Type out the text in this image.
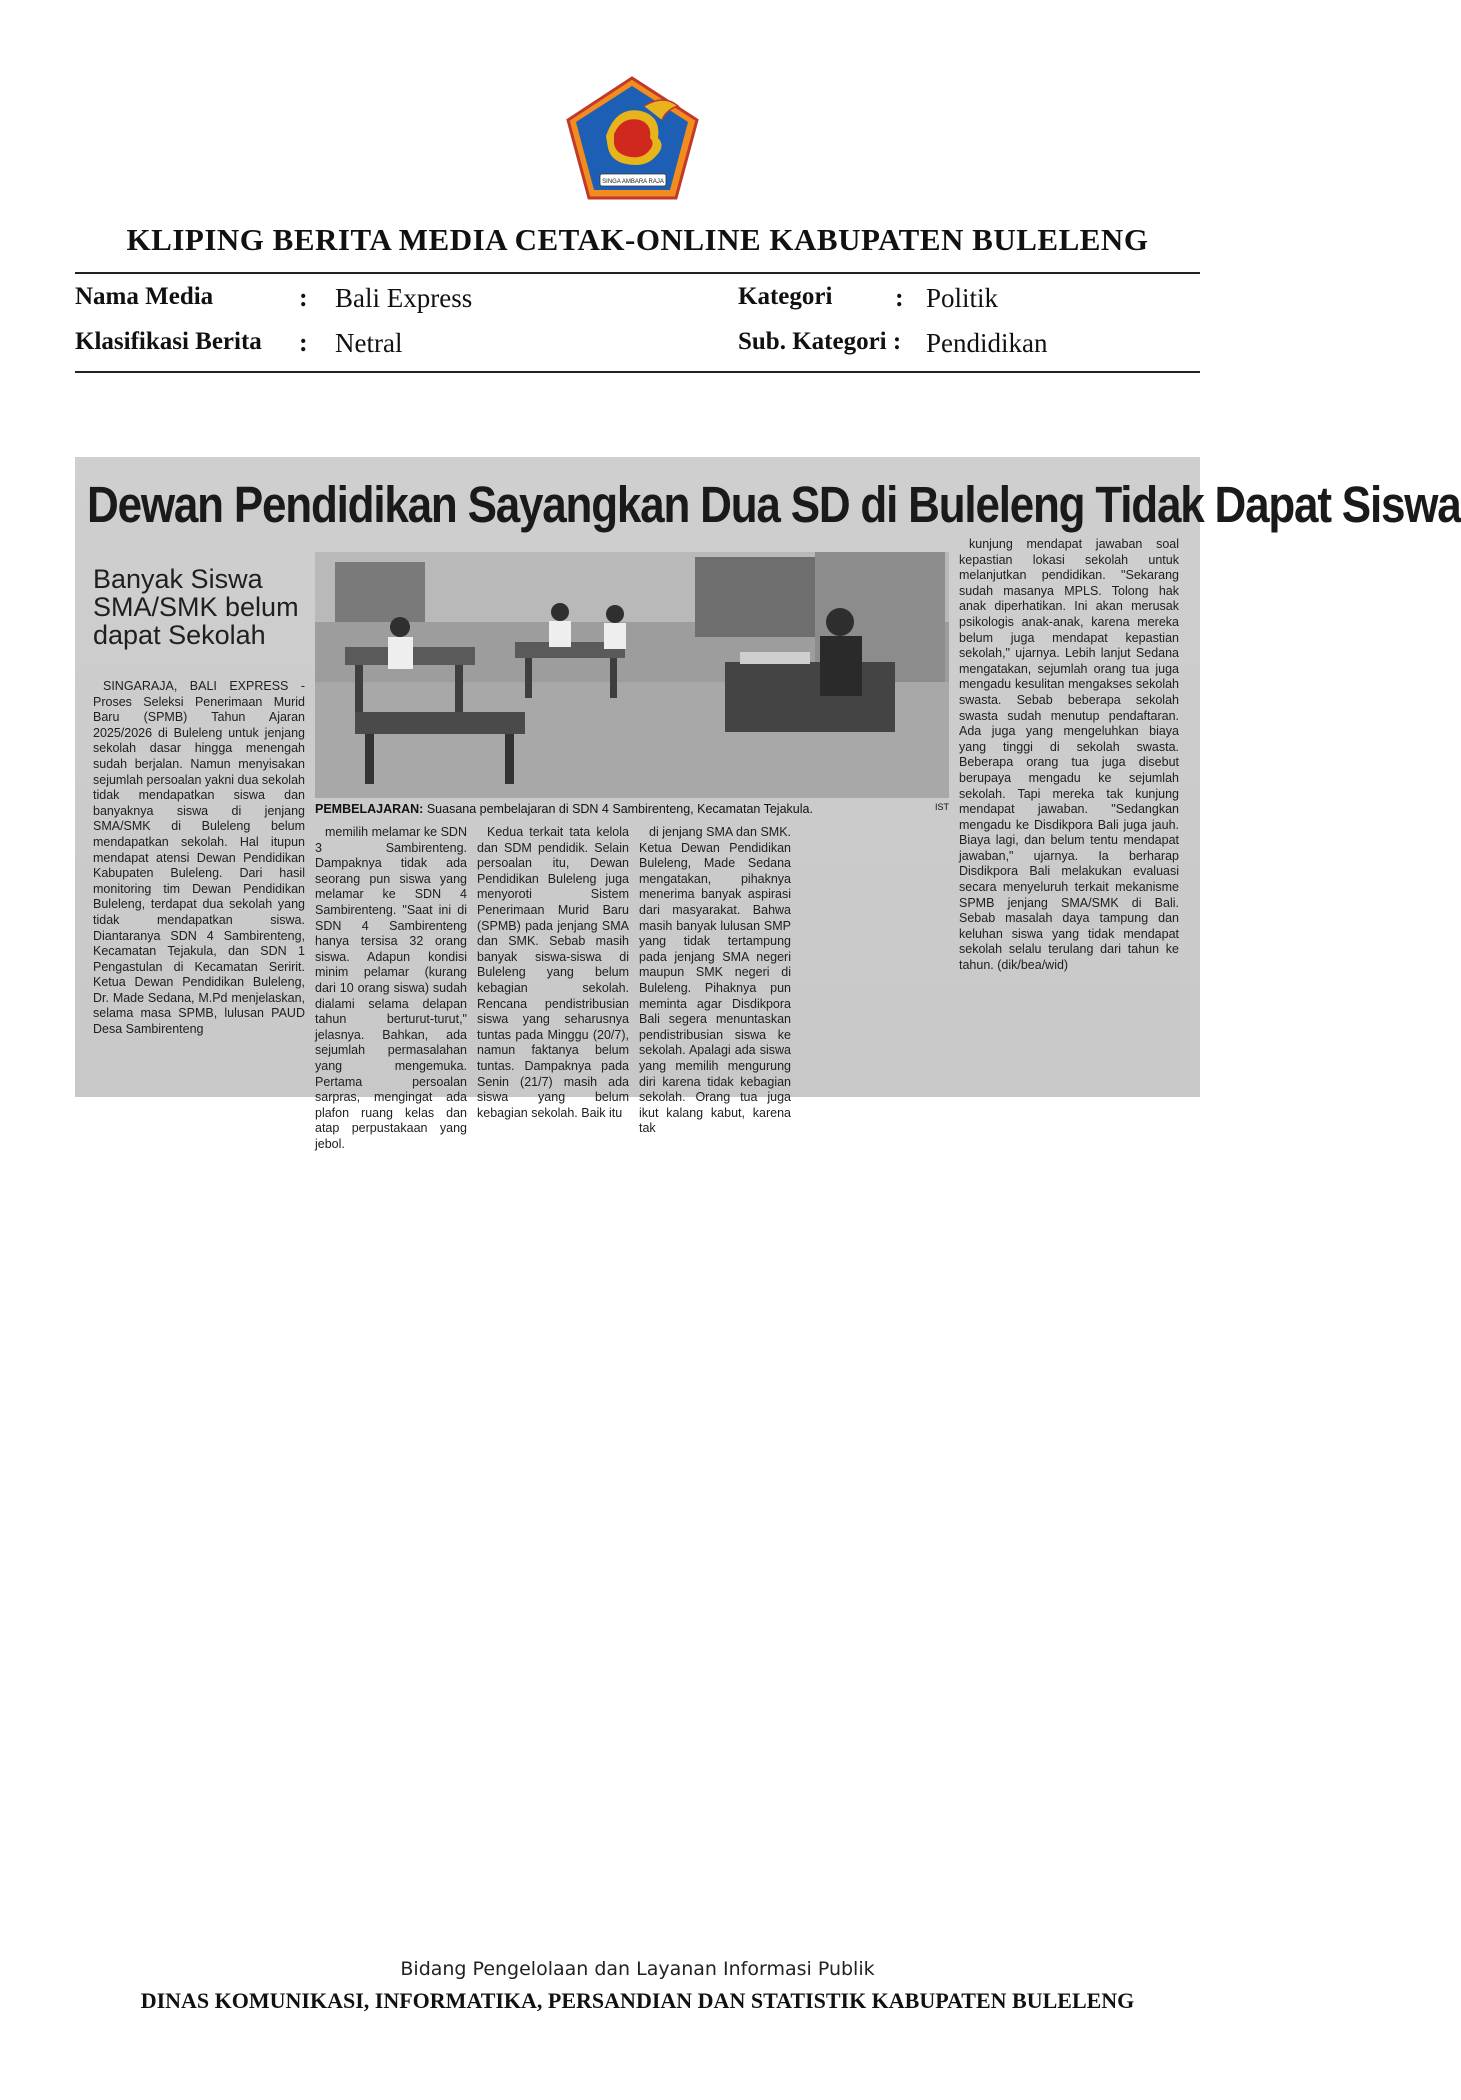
SINGA AMBARA RAJA
KLIPING BERITA MEDIA CETAK-ONLINE KABUPATEN BULELENG
Nama Media	: Bali Express	Kategori : Politik
Klasifikasi Berita : Netral	Sub. Kategori : Pendidikan
Dewan Pendidikan Sayangkan Dua SD di Buleleng Tidak Dapat Siswa
Banyak Siswa SMA/SMK belum dapat Sekolah
PEMBELAJARAN: Suasana pembelajaran di SDN 4 Sambirenteng, Kecamatan Tejakula.	IST

SINGARAJA, BALI EXPRESS - Proses Seleksi Penerimaan Murid Baru (SPMB) Tahun Ajaran 2025/2026 di Buleleng untuk jenjang sekolah dasar hingga menengah sudah berjalan. Namun menyisakan sejumlah persoalan yakni dua sekolah tidak mendapatkan siswa dan banyaknya siswa di jenjang SMA/SMK di Buleleng belum mendapatkan sekolah. Hal itupun mendapat atensi Dewan Pendidikan Kabupaten Buleleng. Dari hasil monitoring tim Dewan Pendidikan Buleleng, terdapat dua sekolah yang tidak mendapatkan siswa. Diantaranya SDN 4 Sambirenteng, Kecamatan Tejakula, dan SDN 1 Pengastulan di Kecamatan Seririt. Ketua Dewan Pendidikan Buleleng, Dr. Made Sedana, M.Pd menjelaskan, selama masa SPMB, lulusan PAUD Desa Sambirenteng

memilih melamar ke SDN 3 Sambirenteng. Dampaknya tidak ada seorang pun siswa yang melamar ke SDN 4 Sambirenteng. "Saat ini di SDN 4 Sambirenteng hanya tersisa 32 orang siswa. Adapun kondisi minim pelamar (kurang dari 10 orang siswa) sudah dialami selama delapan tahun berturut-turut," jelasnya. Bahkan, ada sejumlah permasalahan yang mengemuka. Pertama persoalan sarpras, mengingat ada plafon ruang kelas dan atap perpustakaan yang jebol.

Kedua terkait tata kelola dan SDM pendidik. Selain persoalan itu, Dewan Pendidikan Buleleng juga menyoroti Sistem Penerimaan Murid Baru (SPMB) pada jenjang SMA dan SMK. Sebab masih banyak siswa-siswa di Buleleng yang belum kebagian sekolah. Rencana pendistribusian siswa yang seharusnya tuntas pada Minggu (20/7), namun faktanya belum tuntas. Dampaknya pada Senin (21/7) masih ada siswa yang belum kebagian sekolah. Baik itu

di jenjang SMA dan SMK. Ketua Dewan Pendidikan Buleleng, Made Sedana mengatakan, pihaknya menerima banyak aspirasi dari masyarakat. Bahwa masih banyak lulusan SMP yang tidak tertampung pada jenjang SMA negeri maupun SMK negeri di Buleleng. Pihaknya pun meminta agar Disdikpora Bali segera menuntaskan pendistribusian siswa ke sekolah. Apalagi ada siswa yang memilih mengurung diri karena tidak kebagian sekolah. Orang tua juga ikut kalang kabut, karena tak

kunjung mendapat jawaban soal kepastian lokasi sekolah untuk melanjutkan pendidikan. "Sekarang sudah masanya MPLS. Tolong hak anak diperhatikan. Ini akan merusak psikologis anak-anak, karena mereka belum juga mendapat kepastian sekolah," ujarnya. Lebih lanjut Sedana mengatakan, sejumlah orang tua juga mengadu kesulitan mengakses sekolah swasta. Sebab beberapa sekolah swasta sudah menutup pendaftaran. Ada juga yang mengeluhkan biaya yang tinggi di sekolah swasta. Beberapa orang tua juga disebut berupaya mengadu ke sejumlah sekolah. Tapi mereka tak kunjung mendapat jawaban. "Sedangkan mengadu ke Disdikpora Bali juga jauh. Biaya lagi, dan belum tentu mendapat jawaban," ujarnya. Ia berharap Disdikpora Bali melakukan evaluasi secara menyeluruh terkait mekanisme SPMB jenjang SMA/SMK di Bali. Sebab masalah daya tampung dan keluhan siswa yang tidak mendapat sekolah selalu terulang dari tahun ke tahun. (dik/bea/wid)

Bidang Pengelolaan dan Layanan Informasi Publik
DINAS KOMUNIKASI, INFORMATIKA, PERSANDIAN DAN STATISTIK KABUPATEN BULELENG
